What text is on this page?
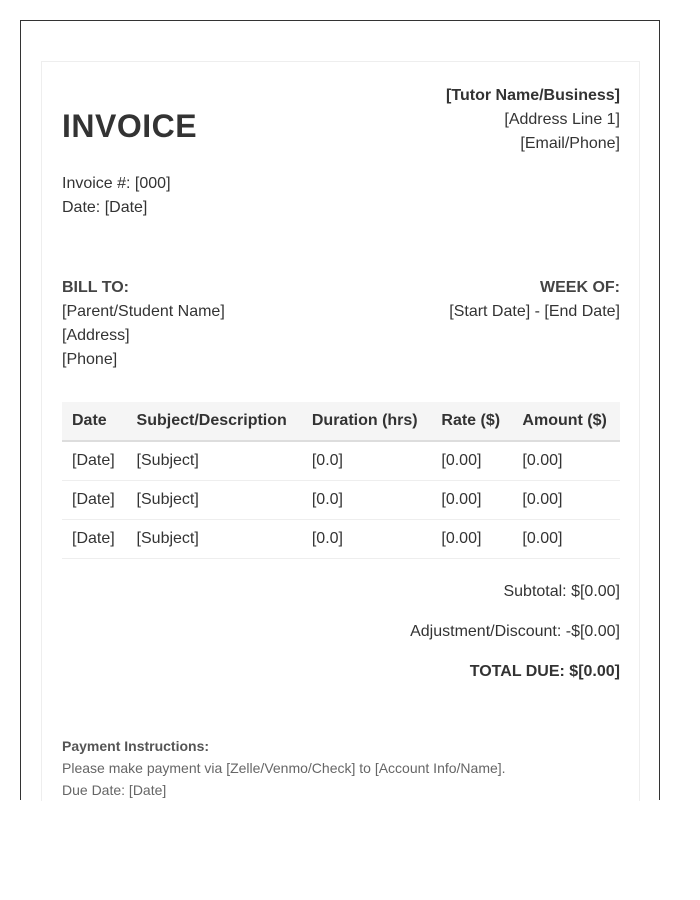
INVOICE
[Tutor Name/Business]
[Address Line 1]
[Email/Phone]
Invoice #: [000]
Date: [Date]
BILL TO:
[Parent/Student Name]
[Address]
[Phone]
WEEK OF:
[Start Date] - [End Date]
Date	Subject/Description	Duration (hrs)	Rate ($)	Amount ($)
[Date]	[Subject]	[0.0]	[0.00]	[0.00]
[Date]	[Subject]	[0.0]	[0.00]	[0.00]
[Date]	[Subject]	[0.0]	[0.00]	[0.00]
Subtotal: $[0.00]
Adjustment/Discount: -$[0.00]
TOTAL DUE: $[0.00]
Payment Instructions:
Please make payment via [Zelle/Venmo/Check] to [Account Info/Name].
Due Date: [Date]
